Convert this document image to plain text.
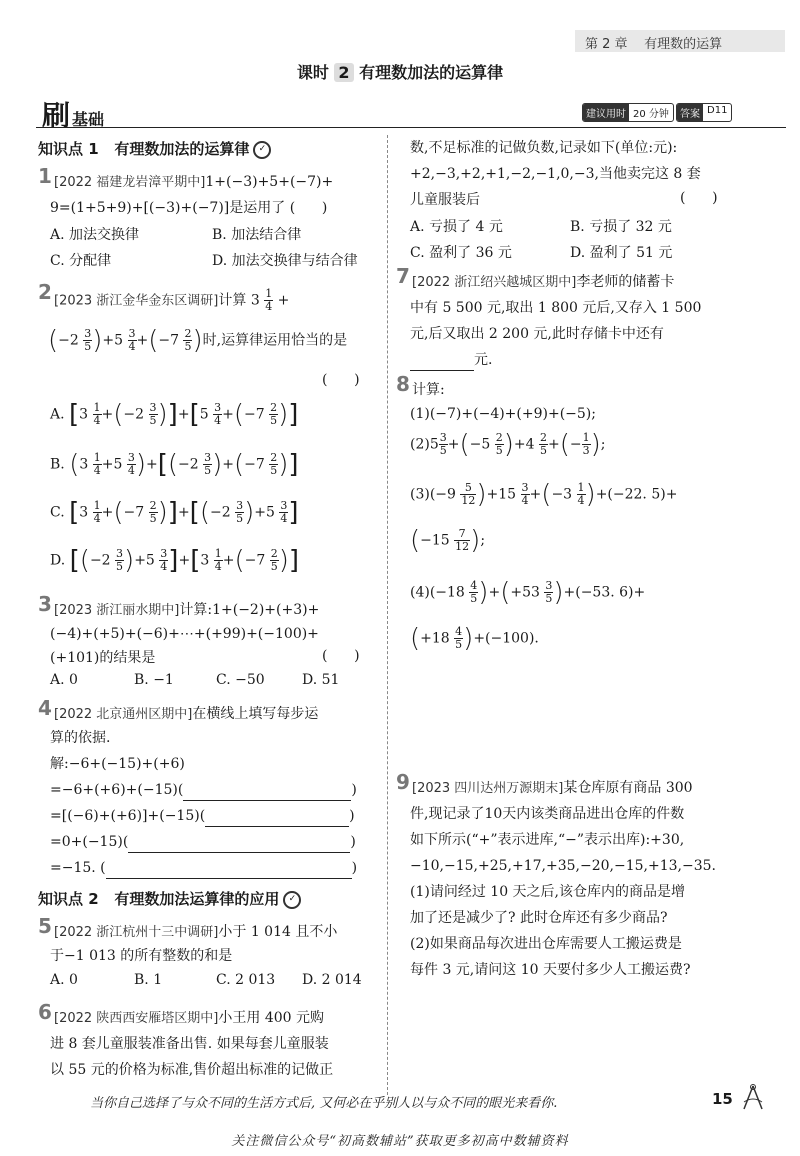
第 2 章    有理数的运算
课时 2 有理数加法的运算律
刷基础	建议用时 20 分钟	答案 D11
知识点 1 有理数加法的运算律 ✓
1 [2022 福建龙岩漳平期中]1+(−3)+5+(−7)+
9=(1+5+9)+[(−3)+(−7)]是运用了 (      )
A. 加法交换律	B. 加法结合律
C. 分配律	D. 加法交换律与结合律
2 [2023 浙江金华金东区调研]计算 $3 \frac{1}{4}$ +
$(-2 \frac{3}{5} )+5 \frac{3}{4} +(-7 \frac{2}{5}$ )时,运算律运用恰当的是
(      )
A. $[3 \frac{1}{4} +(-2 \frac{3}{5} )]+[5 \frac{3}{4} +(-7 \frac{2}{5}$ )]
B. $(3 \frac{1}{4} +5 \frac{3}{4} )+[(-2 \frac{3}{5} )+(-7 \frac{2}{5}$ )]
C. $[3 \frac{1}{4} +(-7 \frac{2}{5} )]+[(-2 \frac{3}{5} )+5 \frac{3}{4}$ ]
D. $[(-2 \frac{3}{5} )+5 \frac{3}{4} ]+[3 \frac{1}{4} +(-7 \frac{2}{5}$ )]
3 [2023 浙江丽水期中]计算:1+(−2)+(+3)+
(−4)+(+5)+(−6)+⋯+(+99)+(−100)+
(+101)的结果是	(      )
A. 0	B. −1	C. −50	D. 51
4 [2022 北京通州区期中]在横线上填写每步运
算的依据.
解:−6+(−15)+(+6)
=−6+(+6)+(−15)(	)
=[(−6)+(+6)]+(−15)(	)
=0+(−15)(	)
=−15. (	)
知识点 2 有理数加法运算律的应用 ✓
5 [2022 浙江杭州十三中调研]小于 1 014 且不小
于−1 013 的所有整数的和是
A. 0	B. 1	C. 2 013 D. 2 014
6 [2022 陕西西安雁塔区期中]小王用 400 元购
进 8 套儿童服装准备出售. 如果每套儿童服装
以 55 元的价格为标准,售价超出标准的记做正
数,不足标准的记做负数,记录如下(单位:元):
+2,−3,+2,+1,−2,−1,0,−3,当他卖完这 8 套
儿童服装后	(      )
A. 亏损了 4 元	B. 亏损了 32 元
C. 盈利了 36 元	D. 盈利了 51 元
7 [2022 浙江绍兴越城区期中]李老师的储蓄卡
中有 5 500 元,取出 1 800 元后,又存入 1 500
元,后又取出 2 200 元,此时存储卡中还有
元.
8 计算:
(1)(−7)+(−4)+(+9)+(−5);
$(2)5 \frac{3}{5} +(-5 \frac{2}{5} )+4 \frac{2}{5}$ +(− $\frac{1}{3}$ );
$(3)(-9 \frac{5}{12} )+15 \frac{3}{4} +(-3 \frac{1}{4} )+(-22$. 5)+
($-15 \frac{7}{12}$ );
$(4)(-18 \frac{4}{5} )+(+53 \frac{3}{5} )+(-53$. 6)+
$(+18 \frac{4}{5} )+(-100)$.
9 [2023 四川达州万源期末]某仓库原有商品 300
件,现记录了10天内该类商品进出仓库的件数
如下所示(“+”表示进库,“−”表示出库):+30,
−10,−15,+25,+17,+35,−20,−15,+13,−35.
(1)请问经过 10 天之后,该仓库内的商品是增
加了还是减少了? 此时仓库还有多少商品?
(2)如果商品每次进出仓库需要人工搬运费是
每件 3 元,请问这 10 天要付多少人工搬运费?
当你自己选择了与众不同的生活方式后, 又何必在乎别人以与众不同的眼光来看你.	15
关注微信公众号“初高数辅站”获取更多初高中数辅资料
